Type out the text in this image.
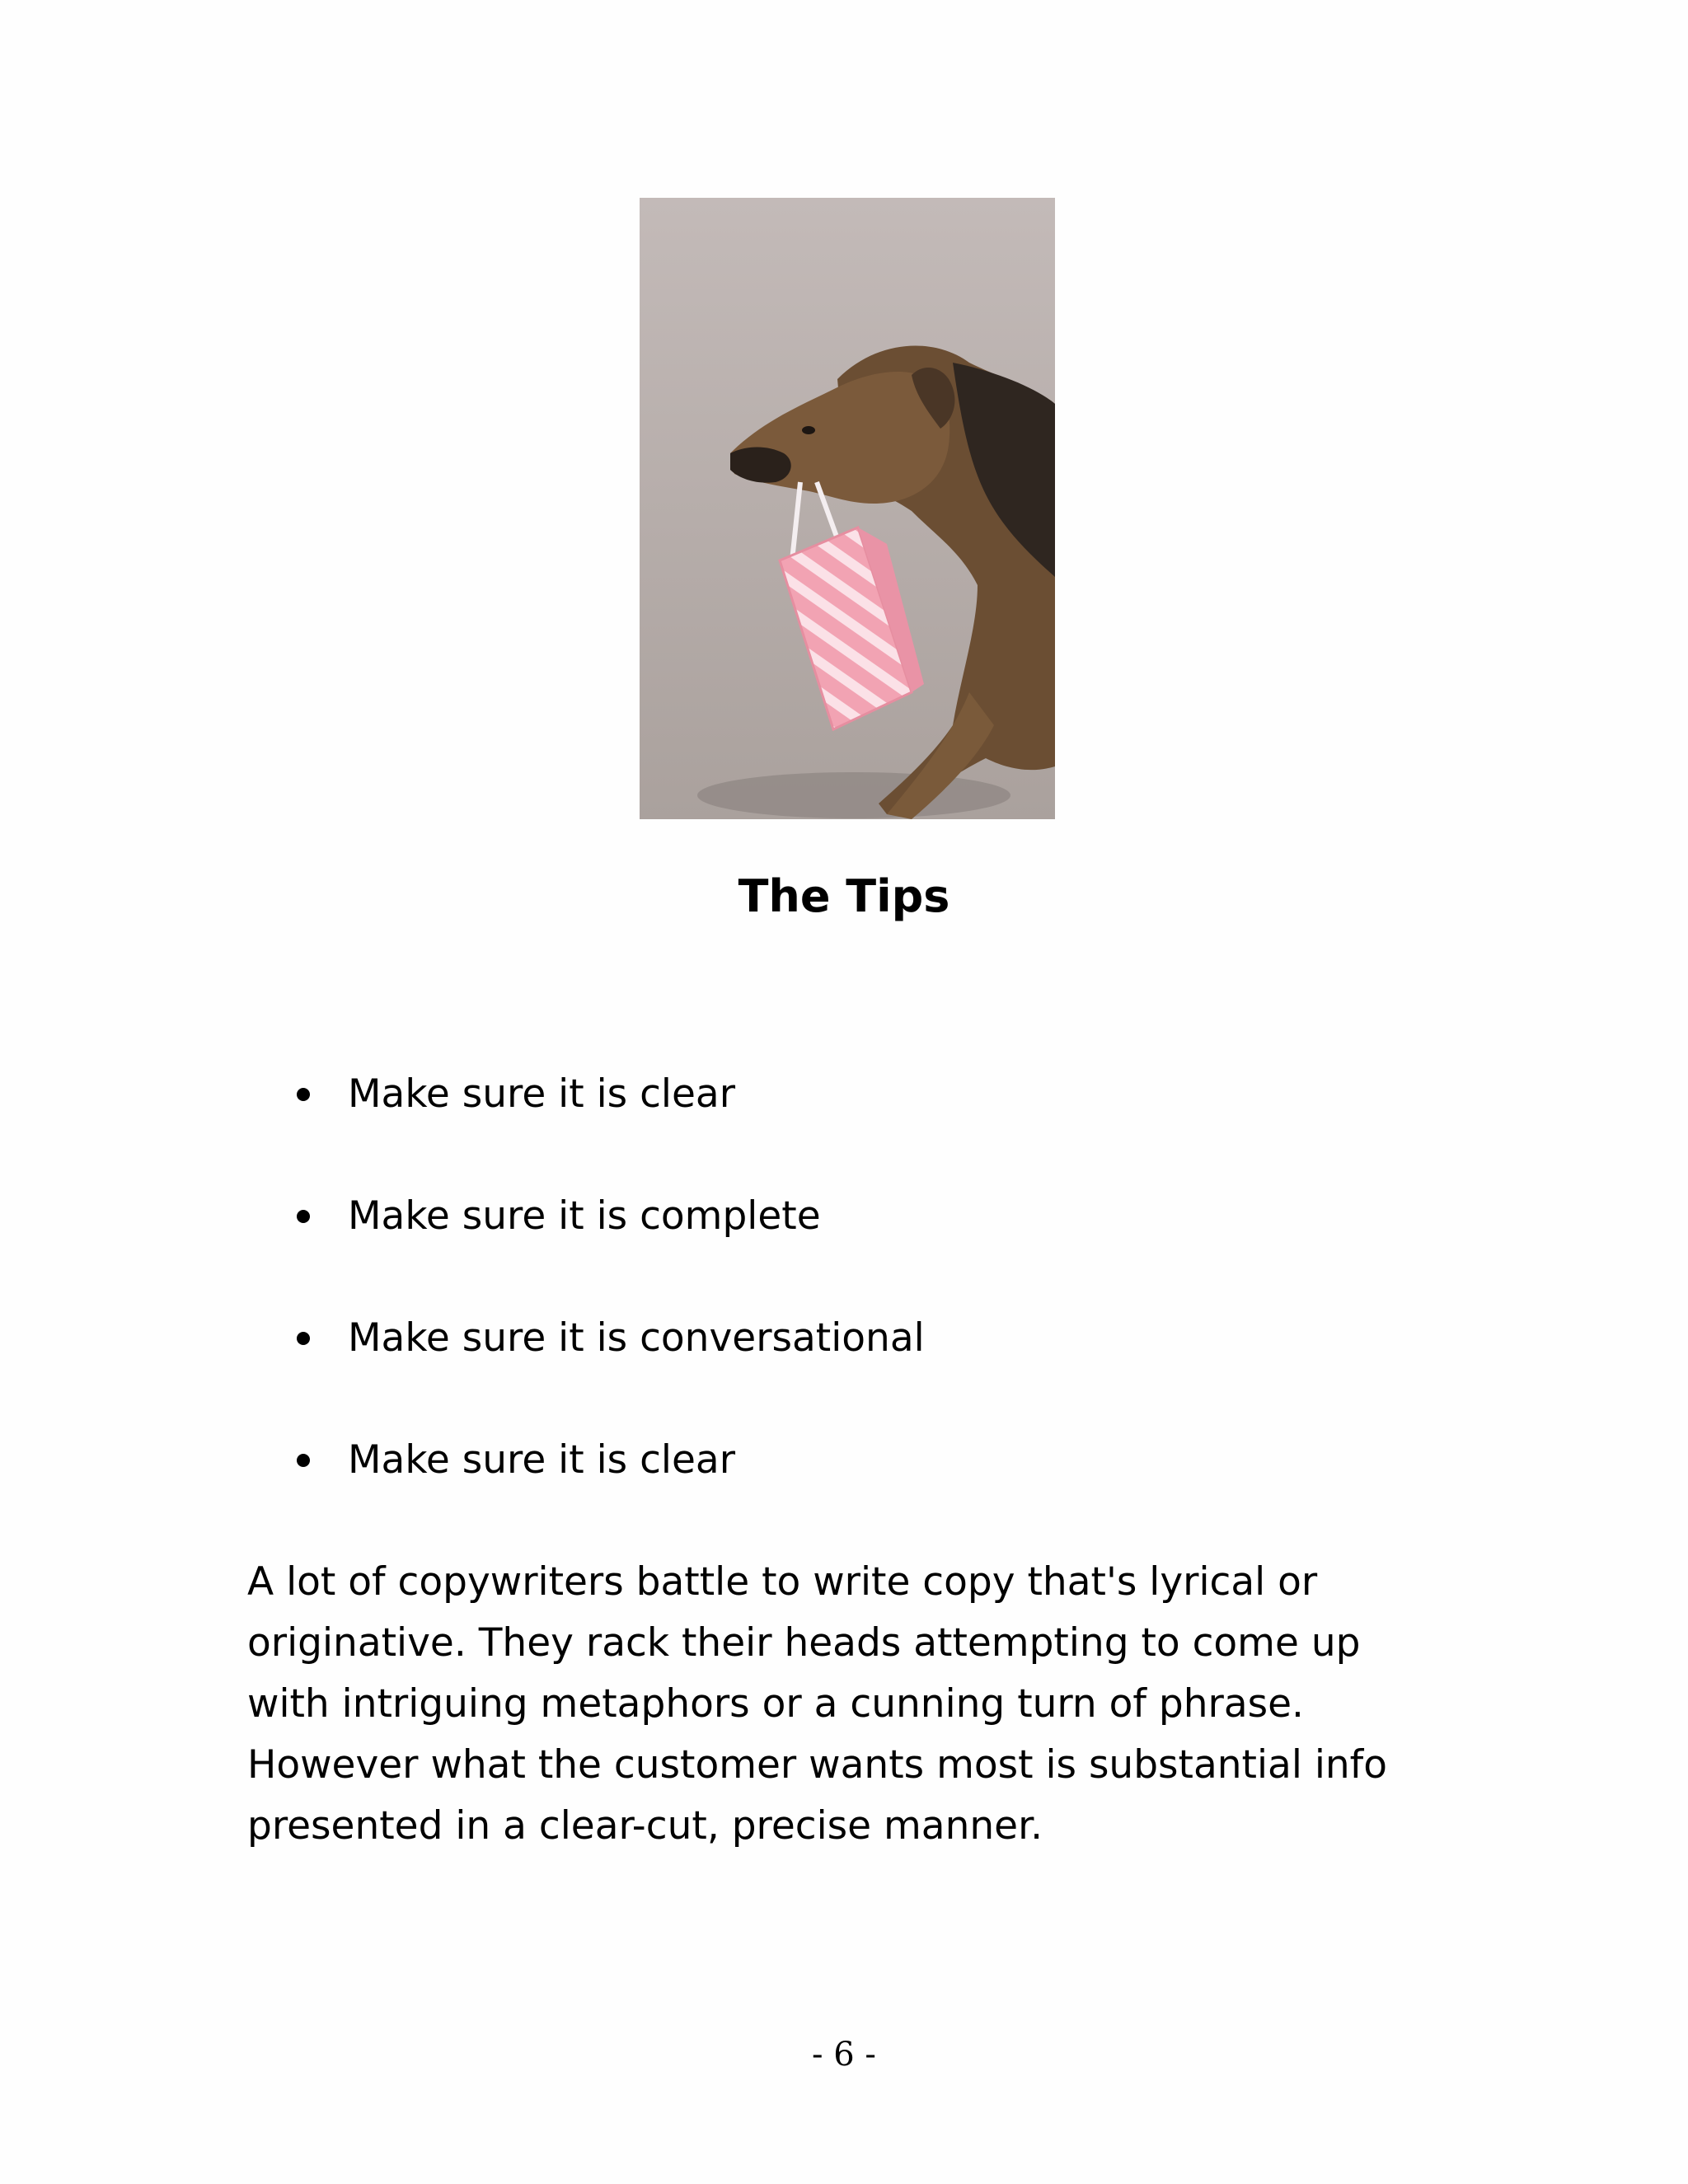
The Tips
Make sure it is clear
Make sure it is complete
Make sure it is conversational
Make sure it is clear

A lot of copywriters battle to write copy that's lyrical or
originative. They rack their heads attempting to come up
with intriguing metaphors or a cunning turn of phrase.
However what the customer wants most is substantial info
presented in a clear-cut, precise manner.

- 6 -
